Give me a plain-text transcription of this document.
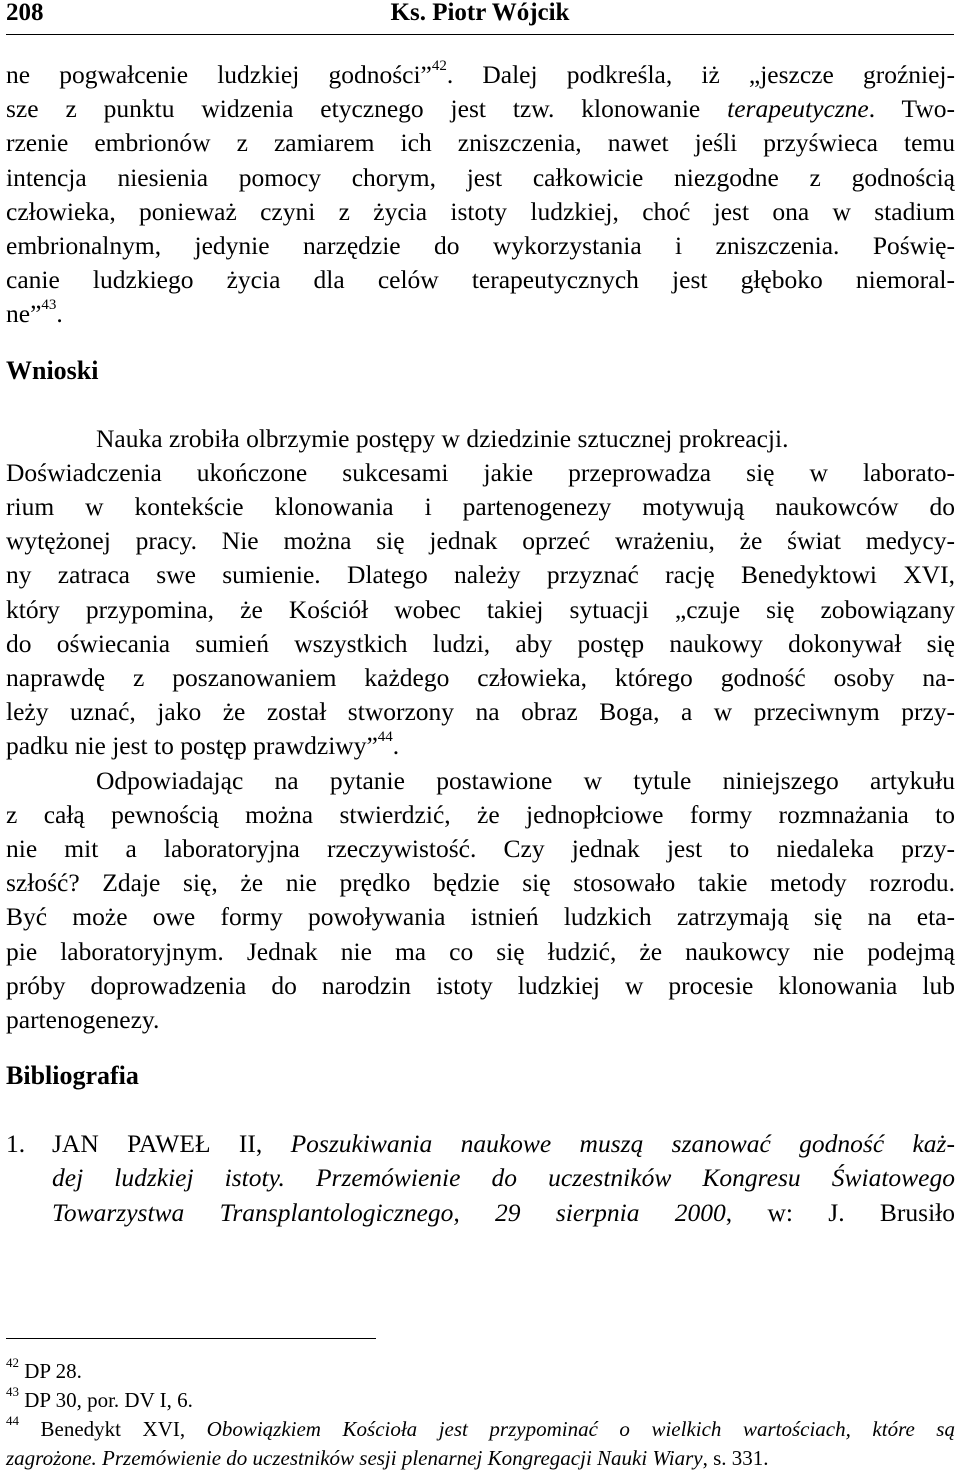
208	Ks. Piotr Wójcik
ne pogwałcenie ludzkiej godności”$^{42}$. Dalej podkreśla, iż „jeszcze groźniej-
sze z punktu widzenia etycznego jest tzw. klonowanie terapeutyczne. Two-
rzenie embrionów z zamiarem ich zniszczenia, nawet jeśli przyświeca temu
intencja niesienia pomocy chorym, jest całkowicie niezgodne z godnością
człowieka, ponieważ czyni z życia istoty ludzkiej, choć jest ona w stadium
embrionalnym, jedynie narzędzie do wykorzystania i zniszczenia. Poświę-
canie ludzkiego życia dla celów terapeutycznych jest głęboko niemoral-
ne”$^{43}$.
Wnioski
Nauka zrobiła olbrzymie postępy w dziedzinie sztucznej prokreacji.
Doświadczenia ukończone sukcesami jakie przeprowadza się w laborato-
rium w kontekście klonowania i partenogenezy motywują naukowców do
wytężonej pracy. Nie można się jednak oprzeć wrażeniu, że świat medycy-
ny zatraca swe sumienie. Dlatego należy przyznać rację Benedyktowi XVI,
który przypomina, że Kościół wobec takiej sytuacji „czuje się zobowiązany
do oświecania sumień wszystkich ludzi, aby postęp naukowy dokonywał się
naprawdę z poszanowaniem każdego człowieka, którego godność osoby na-
leży uznać, jako że został stworzony na obraz Boga, a w przeciwnym przy-
padku nie jest to postęp prawdziwy”$^{44}$.
Odpowiadając na pytanie postawione w tytule niniejszego artykułu
z całą pewnością można stwierdzić, że jednopłciowe formy rozmnażania to
nie mit a laboratoryjna rzeczywistość. Czy jednak jest to niedaleka przy-
szłość? Zdaje się, że nie prędko będzie się stosowało takie metody rozrodu.
Być może owe formy powoływania istnień ludzkich zatrzymają się na eta-
pie laboratoryjnym. Jednak nie ma co się łudzić, że naukowcy nie podejmą
próby doprowadzenia do narodzin istoty ludzkiej w procesie klonowania lub
partenogenezy.
Bibliografia
1.	JAN PAWEŁ II, Poszukiwania naukowe muszą szanować godność każ-
dej ludzkiej istoty. Przemówienie do uczestników Kongresu Światowego
Towarzystwa Transplantologicznego, 29 sierpnia 2000, w: J. Brusiło
$^{42}$ DP 28.
$^{43}$ DP 30, por. DV I, 6.
$^{44}$ Benedykt XVI, Obowiązkiem Kościoła jest przypominać o wielkich wartościach, które są
zagrożone. Przemówienie do uczestników sesji plenarnej Kongregacji Nauki Wiary, s. 331.
